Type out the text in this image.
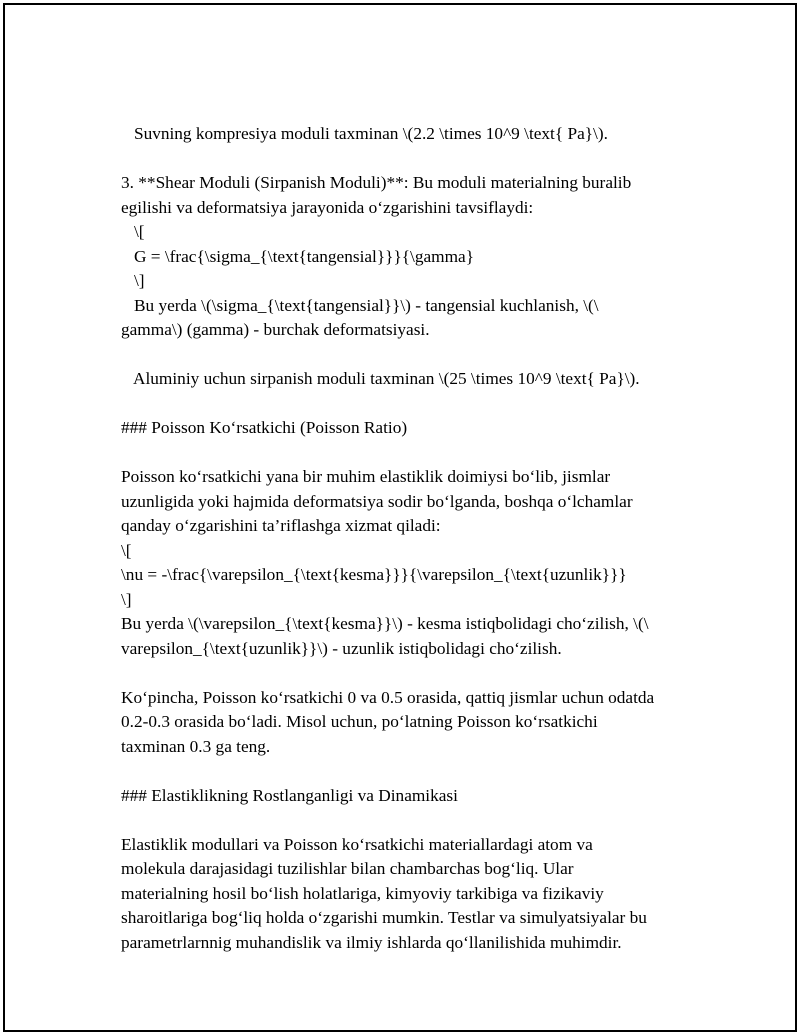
Suvning kompresiya moduli taxminan \(2.2 \times 10^9 \text{ Pa}\).
3. **Shear Moduli (Sirpanish Moduli)**: Bu moduli materialning buralib
egilishi va deformatsiya jarayonida o‘zgarishini tavsiflaydi:
\[
G = \frac{\sigma_{\text{tangensial}}}{\gamma}
\]
Bu yerda \(\sigma_{\text{tangensial}}\) - tangensial kuchlanish, \(\
gamma\) (gamma) - burchak deformatsiyasi.
Aluminiy uchun sirpanish moduli taxminan \(25 \times 10^9 \text{ Pa}\).
### Poisson Ko‘rsatkichi (Poisson Ratio)
Poisson ko‘rsatkichi yana bir muhim elastiklik doimiysi bo‘lib, jismlar
uzunligida yoki hajmida deformatsiya sodir bo‘lganda, boshqa o‘lchamlar
qanday o‘zgarishini ta’riflashga xizmat qiladi:
\[
\nu = -\frac{\varepsilon_{\text{kesma}}}{\varepsilon_{\text{uzunlik}}}
\]
Bu yerda \(\varepsilon_{\text{kesma}}\) - kesma istiqbolidagi cho‘zilish, \(\
varepsilon_{\text{uzunlik}}\) - uzunlik istiqbolidagi cho‘zilish.
Ko‘pincha, Poisson ko‘rsatkichi 0 va 0.5 orasida, qattiq jismlar uchun odatda
0.2-0.3 orasida bo‘ladi. Misol uchun, po‘latning Poisson ko‘rsatkichi
taxminan 0.3 ga teng.
### Elastiklikning Rostlanganligi va Dinamikasi
Elastiklik modullari va Poisson ko‘rsatkichi materiallardagi atom va
molekula darajasidagi tuzilishlar bilan chambarchas bog‘liq. Ular
materialning hosil bo‘lish holatlariga, kimyoviy tarkibiga va fizikaviy
sharoitlariga bog‘liq holda o‘zgarishi mumkin. Testlar va simulyatsiyalar bu
parametrlarnnig muhandislik va ilmiy ishlarda qo‘llanilishida muhimdir.
